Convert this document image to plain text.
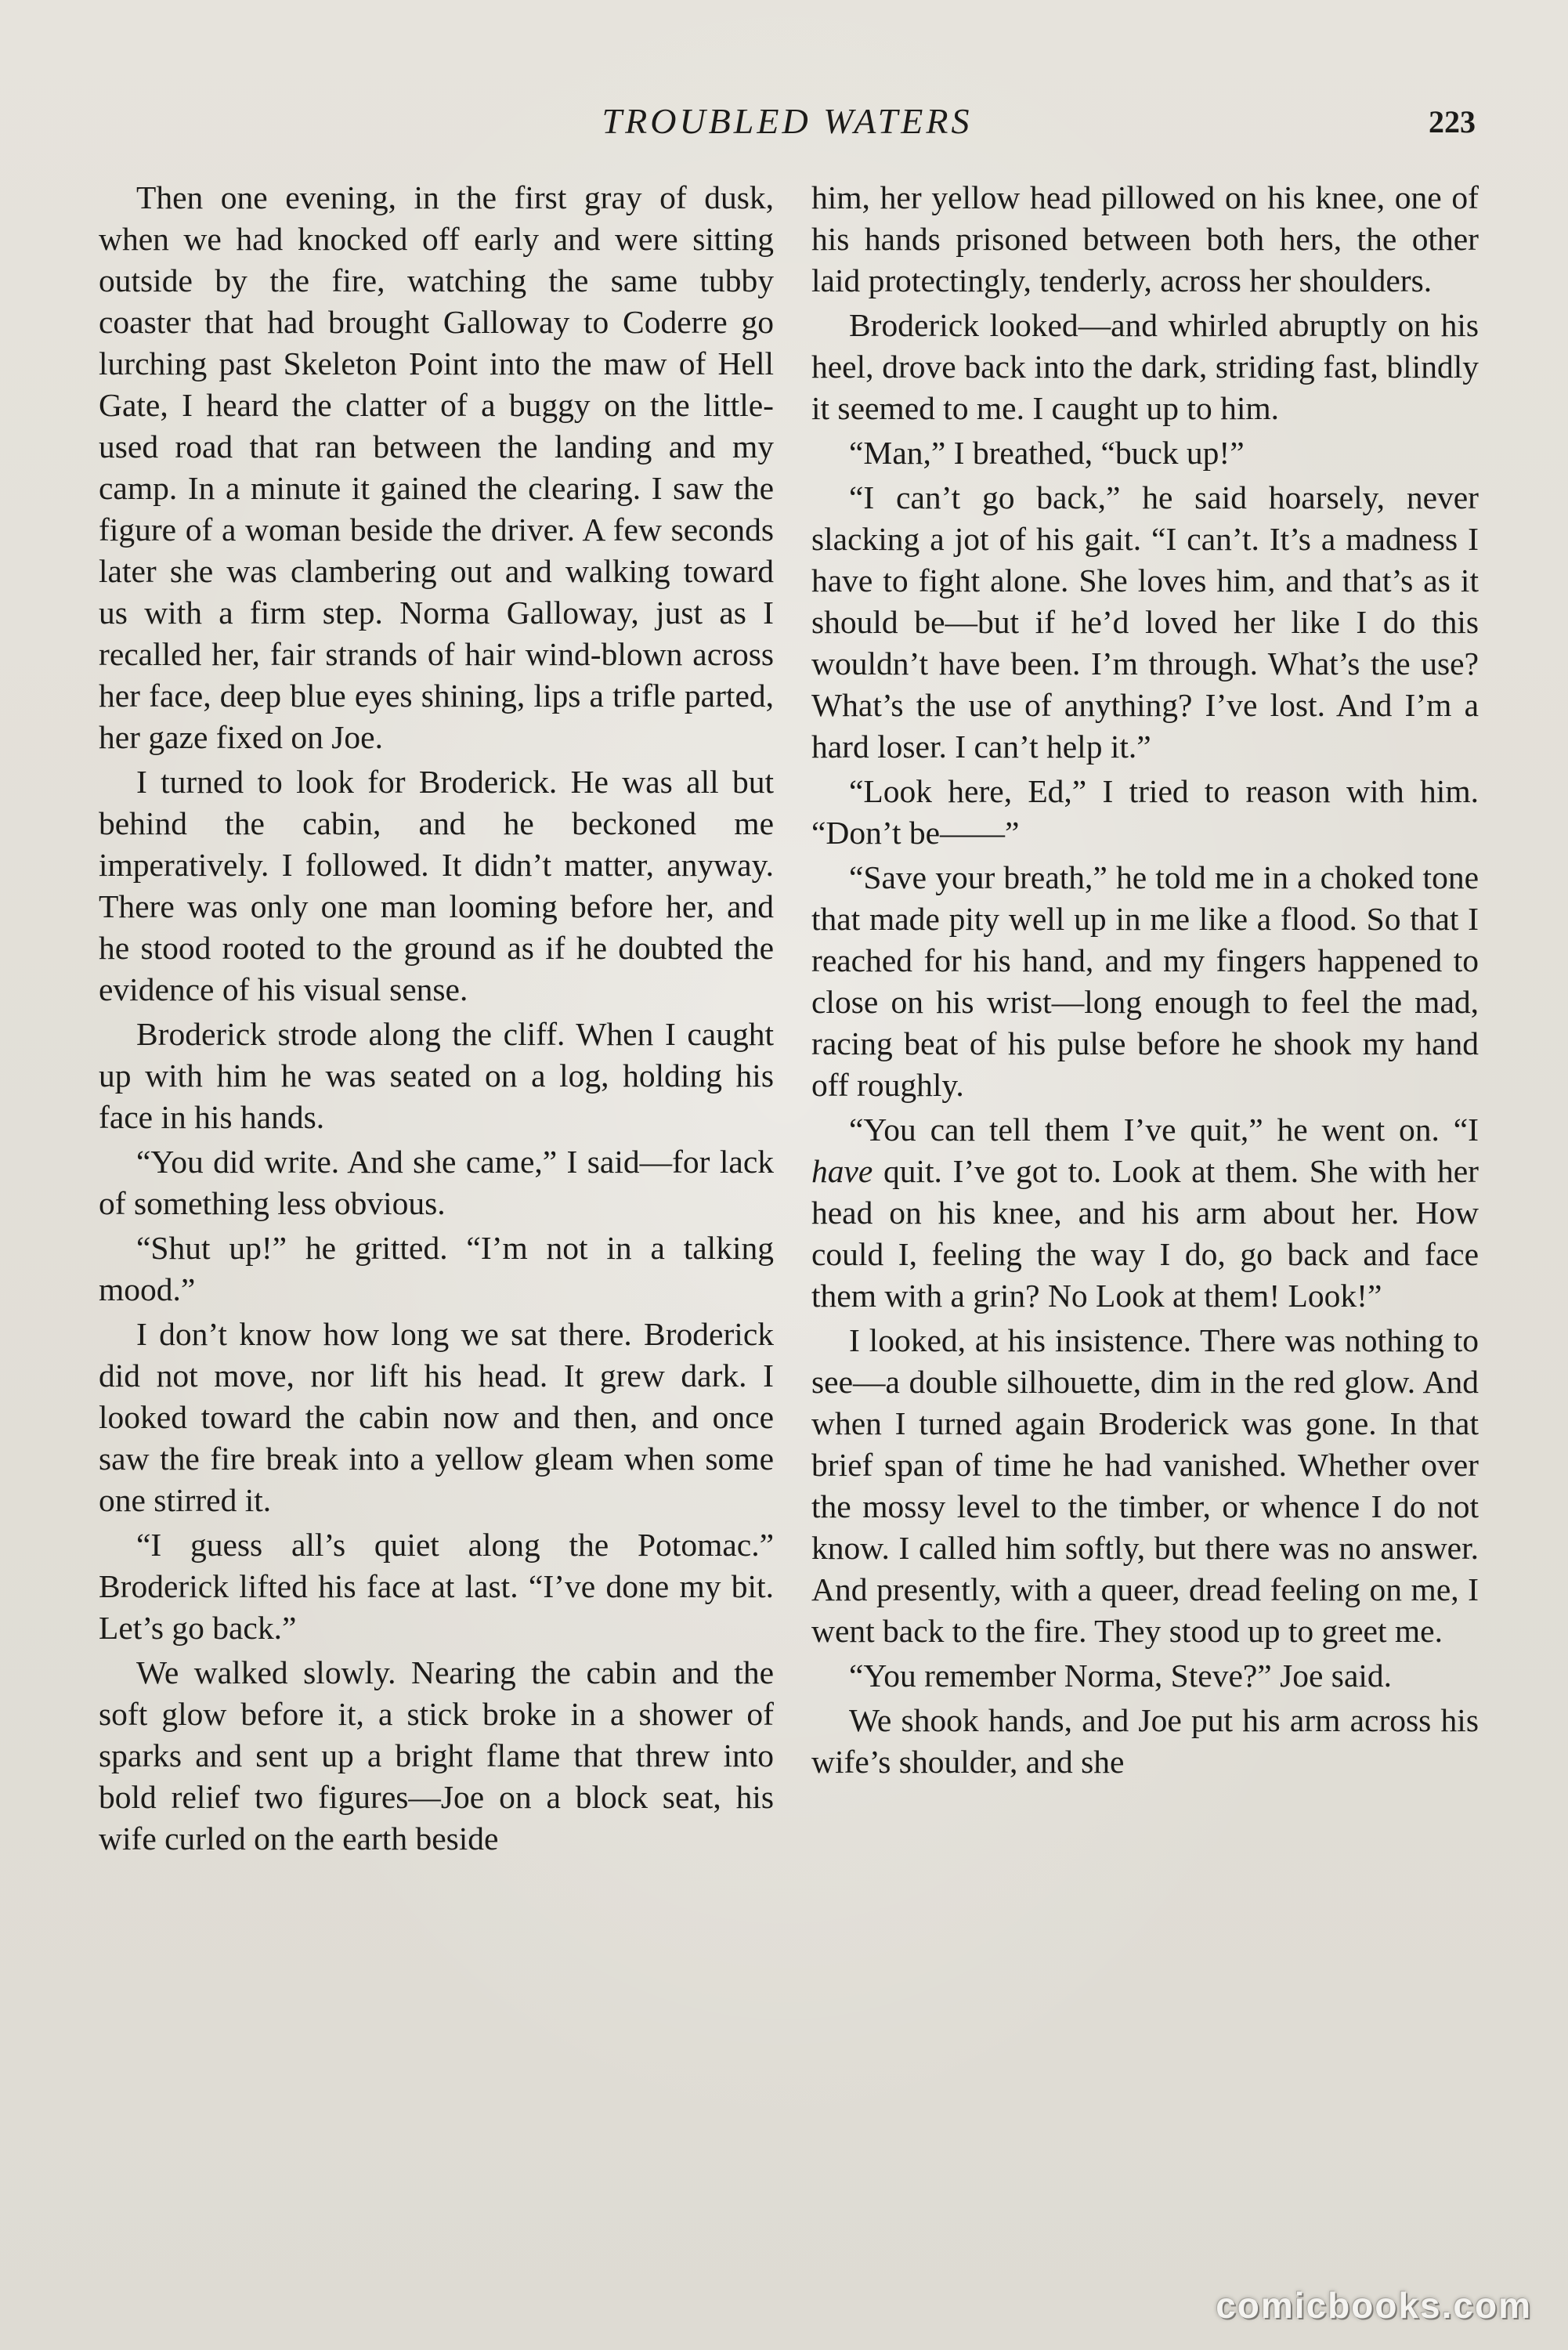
TROUBLED WATERS	223

Then one evening, in the first gray of dusk, when we had knocked off early and were sitting outside by the fire, watching the same tubby coaster that had brought Galloway to Coderre go lurching past Skeleton Point into the maw of Hell Gate, I heard the clatter of a buggy on the little-used road that ran between the landing and my camp. In a minute it gained the clearing. I saw the figure of a woman beside the driver. A few seconds later she was clambering out and walking toward us with a firm step. Norma Galloway, just as I recalled her, fair strands of hair wind-blown across her face, deep blue eyes shining, lips a trifle parted, her gaze fixed on Joe.

I turned to look for Broderick. He was all but behind the cabin, and he beckoned me imperatively. I followed. It didn’t matter, anyway. There was only one man looming before her, and he stood rooted to the ground as if he doubted the evidence of his visual sense.

Broderick strode along the cliff. When I caught up with him he was seated on a log, holding his face in his hands.

“You did write. And she came,” I said—for lack of something less obvious.

“Shut up!” he gritted. “I’m not in a talking mood.”

I don’t know how long we sat there. Broderick did not move, nor lift his head. It grew dark. I looked toward the cabin now and then, and once saw the fire break into a yellow gleam when some one stirred it.

“I guess all’s quiet along the Potomac.” Broderick lifted his face at last. “I’ve done my bit. Let’s go back.”

We walked slowly. Nearing the cabin and the soft glow before it, a stick broke in a shower of sparks and sent up a bright flame that threw into bold relief two figures—Joe on a block seat, his wife curled on the earth beside

him, her yellow head pillowed on his knee, one of his hands prisoned between both hers, the other laid protectingly, tenderly, across her shoulders.

Broderick looked—and whirled abruptly on his heel, drove back into the dark, striding fast, blindly it seemed to me. I caught up to him.

“Man,” I breathed, “buck up!”

“I can’t go back,” he said hoarsely, never slacking a jot of his gait. “I can’t. It’s a madness I have to fight alone. She loves him, and that’s as it should be—but if he’d loved her like I do this wouldn’t have been. I’m through. What’s the use? What’s the use of anything? I’ve lost. And I’m a hard loser. I can’t help it.”

“Look here, Ed,” I tried to reason with him. “Don’t be——”

“Save your breath,” he told me in a choked tone that made pity well up in me like a flood. So that I reached for his hand, and my fingers happened to close on his wrist—long enough to feel the mad, racing beat of his pulse before he shook my hand off roughly.

“You can tell them I’ve quit,” he went on. “I have quit. I’ve got to. Look at them. She with her head on his knee, and his arm about her. How could I, feeling the way I do, go back and face them with a grin? No Look at them! Look!”

I looked, at his insistence. There was nothing to see—a double silhouette, dim in the red glow. And when I turned again Broderick was gone. In that brief span of time he had vanished. Whether over the mossy level to the timber, or whence I do not know. I called him softly, but there was no answer. And presently, with a queer, dread feeling on me, I went back to the fire. They stood up to greet me.

“You remember Norma, Steve?” Joe said.

We shook hands, and Joe put his arm across his wife’s shoulder, and she

comicbooks.com
